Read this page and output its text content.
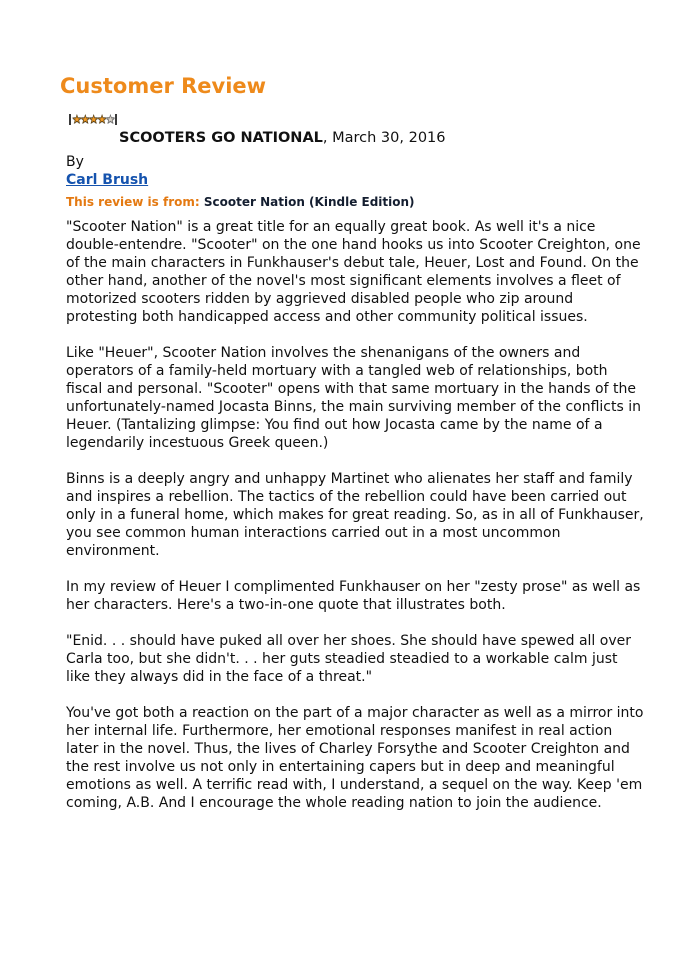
Customer Review
★ ★ ★ ★ ★
SCOOTERS GO NATIONAL, March 30, 2016
By
Carl Brush
This review is from: Scooter Nation (Kindle Edition)

"Scooter Nation" is a great title for an equally great book. As well it's a nice double-entendre. "Scooter" on the one hand hooks us into Scooter Creighton, one of the main characters in Funkhauser's debut tale, Heuer, Lost and Found. On the other hand, another of the novel's most significant elements involves a fleet of motorized scooters ridden by aggrieved disabled people who zip around protesting both handicapped access and other community political issues.

Like "Heuer", Scooter Nation involves the shenanigans of the owners and operators of a family-held mortuary with a tangled web of relationships, both fiscal and personal. "Scooter" opens with that same mortuary in the hands of the unfortunately-named Jocasta Binns, the main surviving member of the conflicts in Heuer. (Tantalizing glimpse: You find out how Jocasta came by the name of a legendarily incestuous Greek queen.)

Binns is a deeply angry and unhappy Martinet who alienates her staff and family and inspires a rebellion. The tactics of the rebellion could have been carried out only in a funeral home, which makes for great reading. So, as in all of Funkhauser, you see common human interactions carried out in a most uncommon environment.

In my review of Heuer I complimented Funkhauser on her "zesty prose" as well as her characters. Here's a two-in-one quote that illustrates both.

"Enid. . . should have puked all over her shoes. She should have spewed all over Carla too, but she didn't. . . her guts steadied steadied to a workable calm just like they always did in the face of a threat."

You've got both a reaction on the part of a major character as well as a mirror into her internal life. Furthermore, her emotional responses manifest in real action later in the novel. Thus, the lives of Charley Forsythe and Scooter Creighton and the rest involve us not only in entertaining capers but in deep and meaningful emotions as well. A terrific read with, I understand, a sequel on the way. Keep 'em coming, A.B. And I encourage the whole reading nation to join the audience.
